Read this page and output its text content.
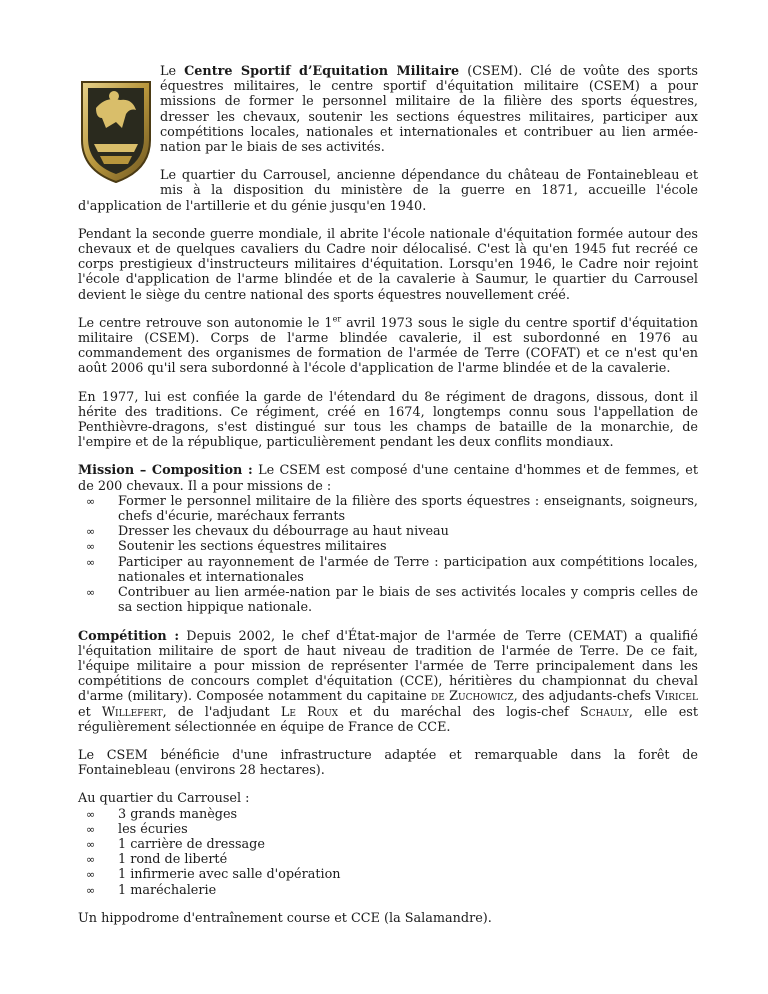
Le Centre Sportif d’Equitation Militaire (CSEM). Clé de voûte des sports équestres militaires, le centre sportif d'équitation militaire (CSEM) a pour missions de former le personnel militaire de la filière des sports équestres, dresser les chevaux, soutenir les sections équestres militaires, participer aux compétitions locales, nationales et internationales et contribuer au lien armée-nation par le biais de ses activités.

Le quartier du Carrousel, ancienne dépendance du château de Fontainebleau et mis à la disposition du ministère de la guerre en 1871, accueille l'école d'application de l'artillerie et du génie jusqu'en 1940.

Pendant la seconde guerre mondiale, il abrite l'école nationale d'équitation formée autour des chevaux et de quelques cavaliers du Cadre noir délocalisé. C'est là qu'en 1945 fut recréé ce corps prestigieux d'instructeurs militaires d'équitation. Lorsqu'en 1946, le Cadre noir rejoint l'école d'application de l'arme blindée et de la cavalerie à Saumur, le quartier du Carrousel devient le siège du centre national des sports équestres nouvellement créé.

Le centre retrouve son autonomie le 1er avril 1973 sous le sigle du centre sportif d'équitation militaire (CSEM). Corps de l'arme blindée cavalerie, il est subordonné en 1976 au commandement des organismes de formation de l'armée de Terre (COFAT) et ce n'est qu'en août 2006 qu'il sera subordonné à l'école d'application de l'arme blindée et de la cavalerie.

En 1977, lui est confiée la garde de l'étendard du 8e régiment de dragons, dissous, dont il hérite des traditions. Ce régiment, créé en 1674, longtemps connu sous l'appellation de Penthièvre-dragons, s'est distingué sur tous les champs de bataille de la monarchie, de l'empire et de la république, particulièrement pendant les deux conflits mondiaux.

Mission – Composition : Le CSEM est composé d'une centaine d'hommes et de femmes, et de 200 chevaux. Il a pour missions de :

∞ Former le personnel militaire de la filière des sports équestres : enseignants, soigneurs, chefs d'écurie, maréchaux ferrants
∞ Dresser les chevaux du débourrage au haut niveau
∞ Soutenir les sections équestres militaires
∞ Participer au rayonnement de l'armée de Terre : participation aux compétitions locales, nationales et internationales
∞ Contribuer au lien armée-nation par le biais de ses activités locales y compris celles de sa section hippique nationale.

Compétition : Depuis 2002, le chef d'État-major de l'armée de Terre (CEMAT) a qualifié l'équitation militaire de sport de haut niveau de tradition de l'armée de Terre. De ce fait, l'équipe militaire a pour mission de représenter l'armée de Terre principalement dans les compétitions de concours complet d'équitation (CCE), héritières du championnat du cheval d'arme (military). Composée notamment du capitaine de Zuchowicz, des adjudants-chefs Viricel et Willefert, de l'adjudant Le Roux et du maréchal des logis-chef Schauly, elle est régulièrement sélectionnée en équipe de France de CCE.

Le CSEM bénéficie d'une infrastructure adaptée et remarquable dans la forêt de Fontainebleau (environs 28 hectares).

Au quartier du Carrousel :

∞ 3 grands manèges
∞ les écuries
∞ 1 carrière de dressage
∞ 1 rond de liberté
∞ 1 infirmerie avec salle d'opération
∞ 1 maréchalerie

Un hippodrome d'entraînement course et CCE (la Salamandre).
